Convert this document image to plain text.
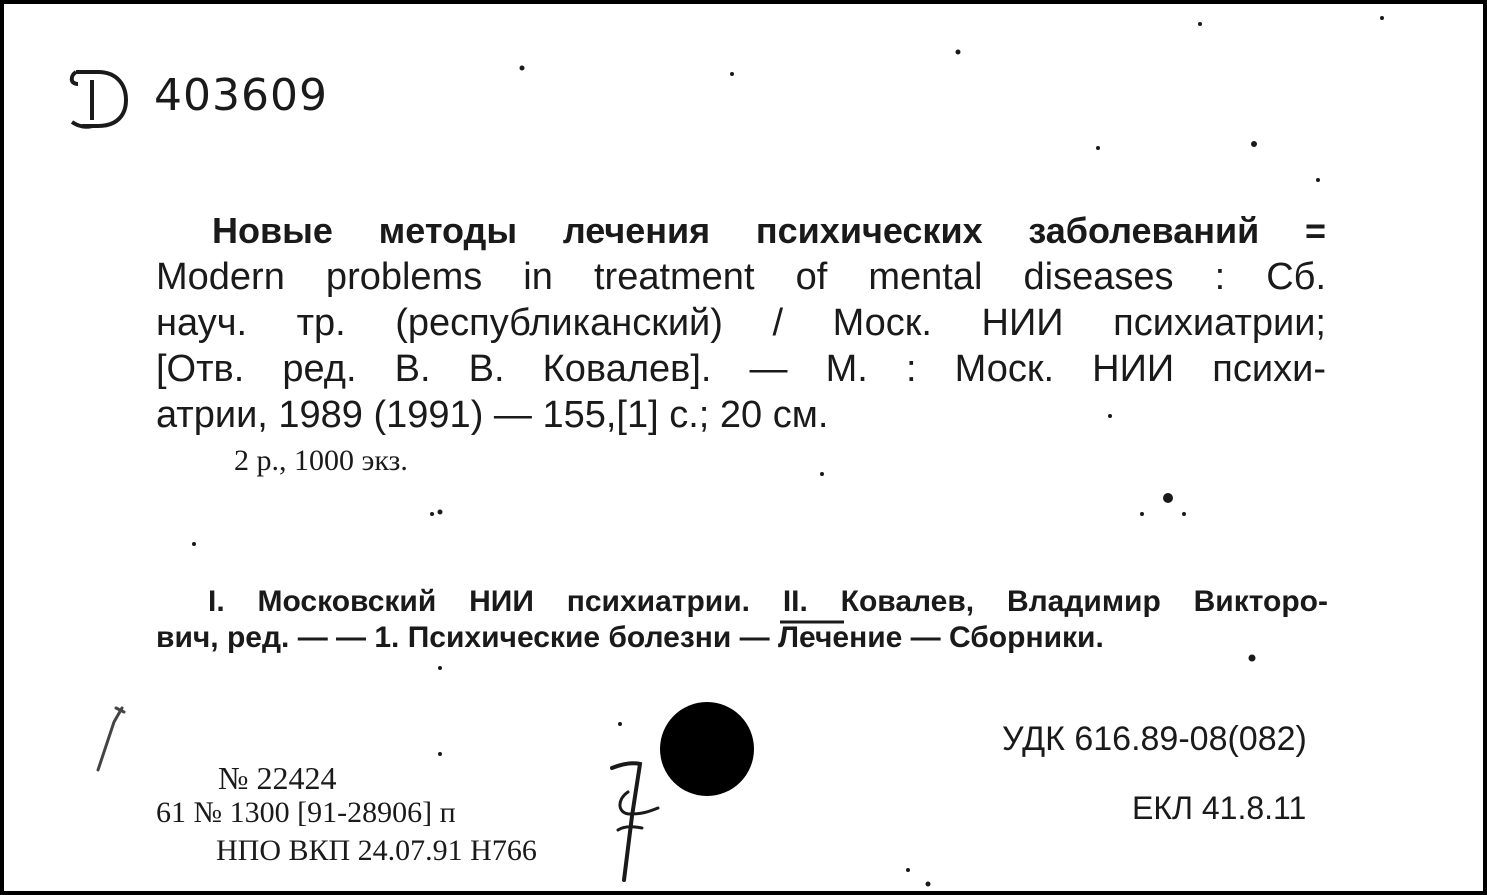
403609
Новые методы лечения психических заболеваний =
Modern problems in treatment of mental diseases : Сб.
науч. тр. (республиканский) / Моск. НИИ психиатрии;
[Отв. ред. В. В. Ковалев]. — М. : Моск. НИИ психи-
атрии, 1989 (1991) — 155,[1] с.; 20 см.
2 р., 1000 экз.
I. Московский НИИ психиатрии. II. Ковалев, Владимир Викторо-
вич, ред. — — 1. Психические болезни — Лечение — Сборники.
№ 22424
61 № 1300 [91-28906] п
НПО ВКП 24.07.91 Н766
УДК 616.89-08(082)
ЕКЛ 41.8.11
